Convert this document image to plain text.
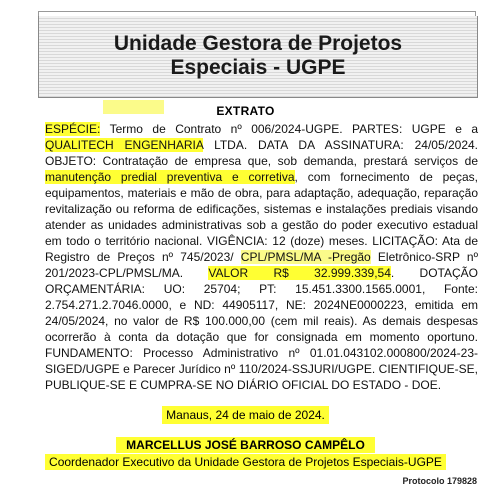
Unidade Gestora de Projetos
Especiais - UGPE
EXTRATO

ESPÉCIE: Termo de Contrato nº 006/2024-UGPE. PARTES: UGPE e a QUALITECH ENGENHARIA LTDA. DATA DA ASSINATURA: 24/05/2024. OBJETO: Contratação de empresa que, sob demanda, prestará serviços de manutenção predial preventiva e corretiva, com fornecimento de peças, equipamentos, materiais e mão de obra, para adaptação, adequação, reparação revitalização ou reforma de edificações, sistemas e instalações prediais visando atender as unidades administrativas sob a gestão do poder executivo estadual em todo o território nacional. VIGÊNCIA: 12 (doze) meses. LICITAÇÃO: Ata de Registro de Preços nº 745/2023/ CPL/PMSL/MA -Pregão Eletrônico-SRP nº 201/2023-CPL/PMSL/MA. VALOR R$ 32.999.339,54. DOTAÇÃO ORÇAMENTÁRIA: UO: 25704; PT: 15.451.3300.1565.0001, Fonte: 2.754.271.2.7046.0000, e ND: 44905117, NE: 2024NE0000223, emitida em 24/05/2024, no valor de R$ 100.000,00 (cem mil reais). As demais despesas ocorrerão à conta da dotação que for consignada em momento oportuno. FUNDAMENTO: Processo Administrativo nº 01.01.043102.000800/2024-23-SIGED/UGPE e Parecer Jurídico nº 110/2024-SSJURI/UGPE. CIENTIFIQUE-SE, PUBLIQUE-SE E CUMPRA-SE NO DIÁRIO OFICIAL DO ESTADO - DOE.

Manaus, 24 de maio de 2024.
MARCELLUS JOSÉ BARROSO CAMPÊLO
Coordenador Executivo da Unidade Gestora de Projetos Especiais-UGPE
Protocolo 179828
